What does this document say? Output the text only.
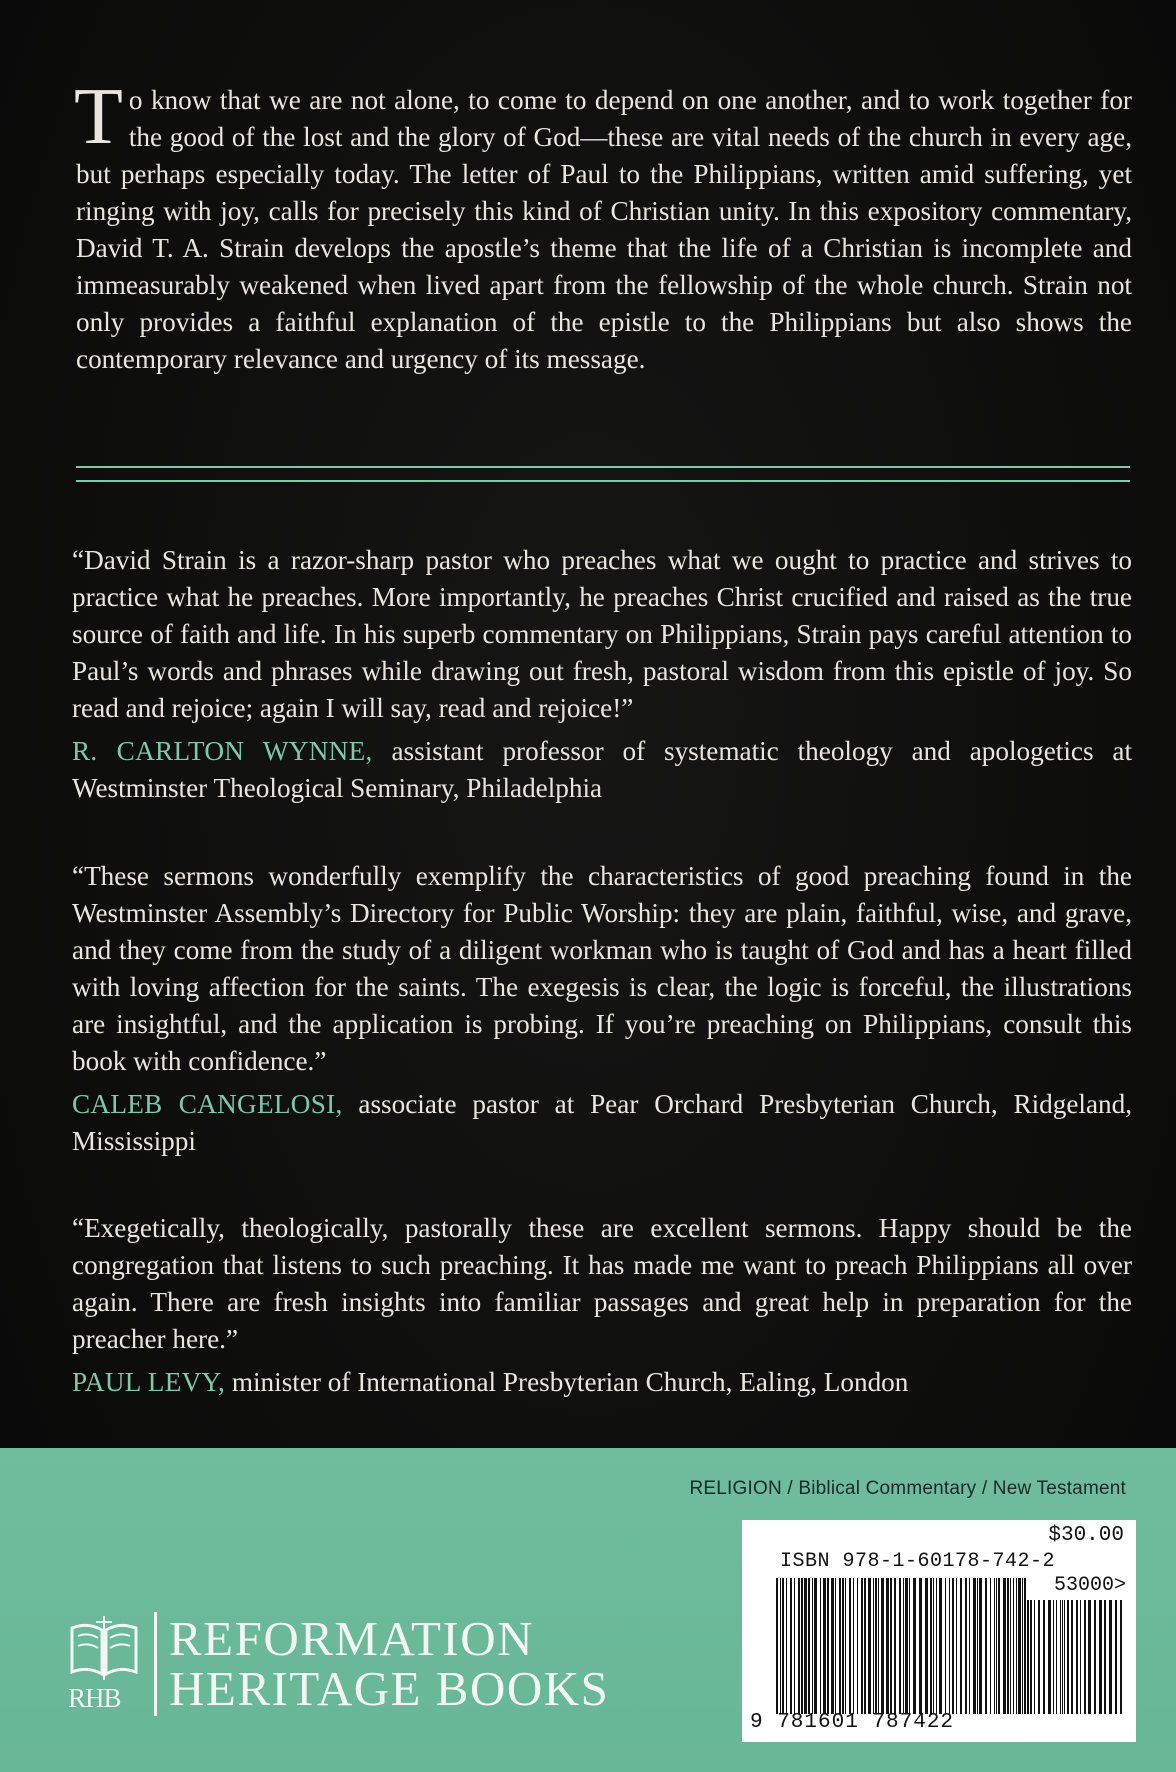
To know that we are not alone, to come to depend on one another, and to work together for the good of the lost and the glory of God—these are vital needs of the church in every age, but perhaps especially today. The letter of Paul to the Philippians, written amid suffering, yet ringing with joy, calls for precisely this kind of Christian unity. In this expository commentary, David T. A. Strain develops the apostle’s theme that the life of a Christian is incomplete and immeasurably weakened when lived apart from the fellowship of the whole church. Strain not only provides a faithful explanation of the epistle to the Philippians but also shows the contemporary relevance and urgency of its message.

“David Strain is a razor-sharp pastor who preaches what we ought to practice and strives to practice what he preaches. More importantly, he preaches Christ crucified and raised as the true source of faith and life. In his superb commentary on Philippians, Strain pays careful attention to Paul’s words and phrases while drawing out fresh, pastoral wisdom from this epistle of joy. So read and rejoice; again I will say, read and rejoice!”

R. CARLTON WYNNE, assistant professor of systematic theology and apologetics at Westminster Theological Seminary, Philadelphia

“These sermons wonderfully exemplify the characteristics of good preaching found in the Westminster Assembly’s Directory for Public Worship: they are plain, faithful, wise, and grave, and they come from the study of a diligent workman who is taught of God and has a heart filled with loving affection for the saints. The exegesis is clear, the logic is forceful, the illustrations are insightful, and the application is probing. If you’re preaching on Philippians, consult this book with confidence.”

CALEB CANGELOSI, associate pastor at Pear Orchard Presbyterian Church, Ridgeland, Mississippi

“Exegetically, theologically, pastorally these are excellent sermons. Happy should be the congregation that listens to such preaching. It has made me want to preach Philippians all over again. There are fresh insights into familiar passages and great help in preparation for the preacher here.”

PAUL LEVY, minister of International Presbyterian Church, Ealing, London

RELIGION / Biblical Commentary / New Testament
RHB
REFORMATION
HERITAGE BOOKS
$30.00
ISBN 978-1-60178-742-2
53000>
9 781601 787422
